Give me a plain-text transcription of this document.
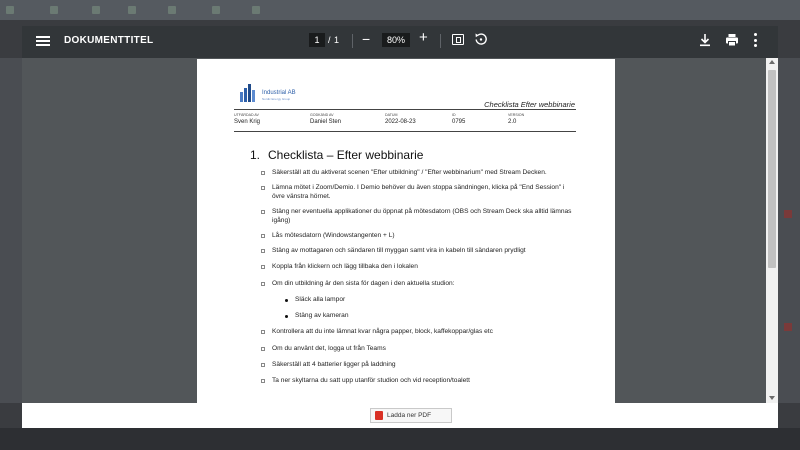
DOKUMENTTITEL	1 / 1 −	80% +
Industrial AB
Nordic Energy Group
Checklista Efter webbinarie
UTFÄRDAD AV
Sven Krig
GODKÄND AV
Daniel Sten
DATUM
2022-08-23
ID
0795
VERSION
2.0
1. Checklista – Efter webbinarie
Säkerställ att du aktiverat scenen "Efter utbildning" / "Efter webbinarium" med Stream Decken.
Lämna mötet i Zoom/Demio. I Demio behöver du även stoppa sändningen, klicka på "End Session" i övre vänstra hörnet.
Stäng ner eventuella applikationer du öppnat på mötesdatorn (OBS och Stream Deck ska alltid lämnas igång)
Lås mötesdatorn (Windowstangenten + L)
Stäng av mottagaren och sändaren till myggan samt vira in kabeln till sändaren prydligt
Koppla från klickern och lägg tillbaka den i lokalen
Om din utbildning är den sista för dagen i den aktuella studion:
Släck alla lampor
Stäng av kameran
Kontrollera att du inte lämnat kvar några papper, block, kaffekoppar/glas etc
Om du använt det, logga ut från Teams
Säkerställ att 4 batterier ligger på laddning
Ta ner skyltarna du satt upp utanför studion och vid reception/toalett
Ladda ner PDF
